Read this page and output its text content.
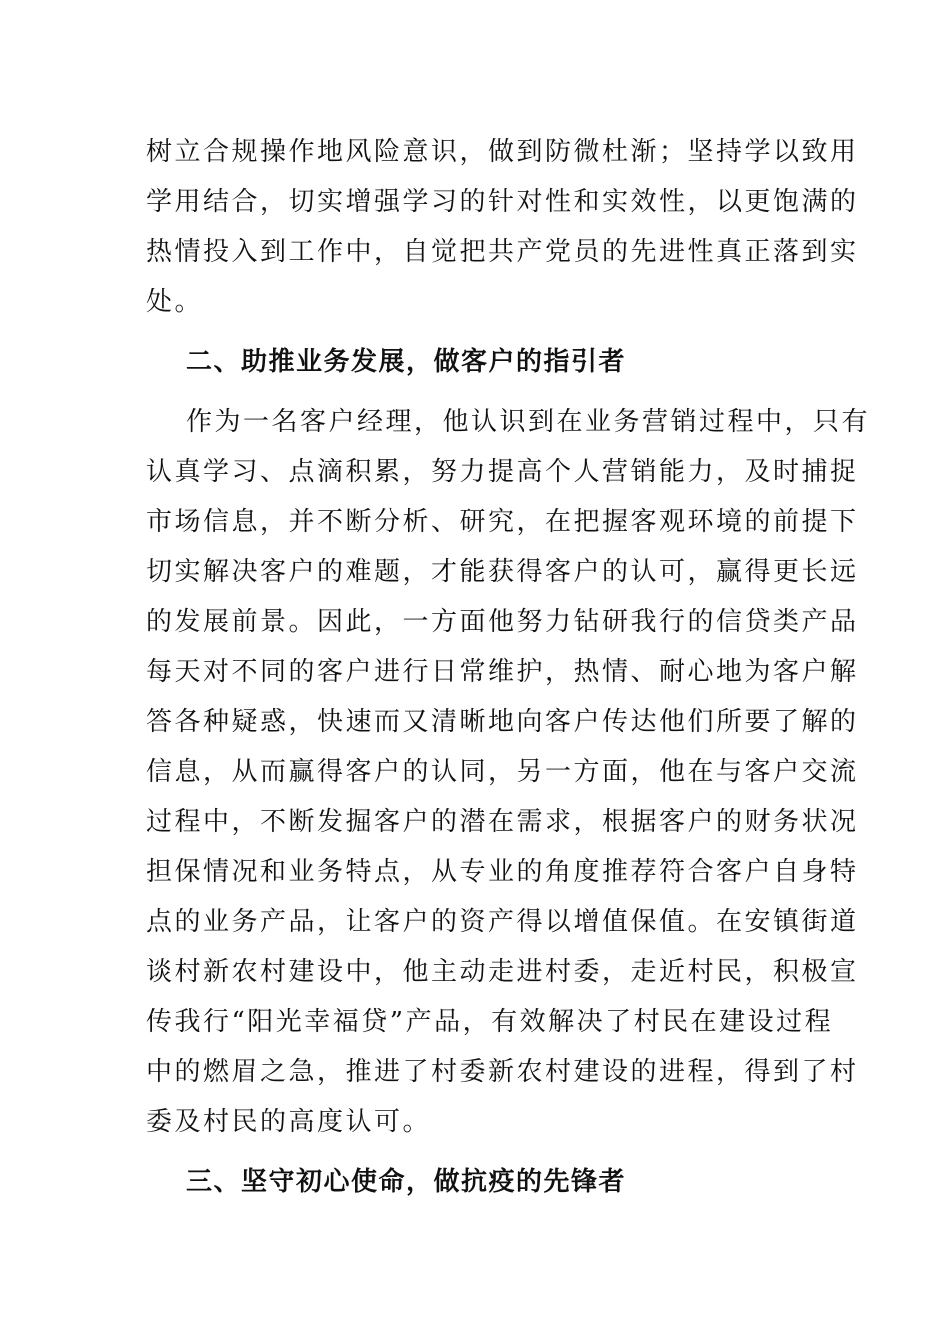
树立合规操作地风险意识，做到防微杜渐；坚持学以致用
学用结合，切实增强学习的针对性和实效性，以更饱满的
热情投入到工作中，自觉把共产党员的先进性真正落到实
处。
二、助推业务发展，做客户的指引者
作为一名客户经理，他认识到在业务营销过程中，只有
认真学习、点滴积累，努力提高个人营销能力，及时捕捉
市场信息，并不断分析、研究，在把握客观环境的前提下
切实解决客户的难题，才能获得客户的认可，赢得更长远
的发展前景。因此，一方面他努力钻研我行的信贷类产品
每天对不同的客户进行日常维护，热情、耐心地为客户解
答各种疑惑，快速而又清晰地向客户传达他们所要了解的
信息，从而赢得客户的认同，另一方面，他在与客户交流
过程中，不断发掘客户的潜在需求，根据客户的财务状况
担保情况和业务特点，从专业的角度推荐符合客户自身特
点的业务产品，让客户的资产得以增值保值。在安镇街道
谈村新农村建设中，他主动走进村委，走近村民，积极宣
传我行“阳光幸福贷”产品，有效解决了村民在建设过程
中的燃眉之急，推进了村委新农村建设的进程，得到了村
委及村民的高度认可。
三、坚守初心使命，做抗疫的先锋者
